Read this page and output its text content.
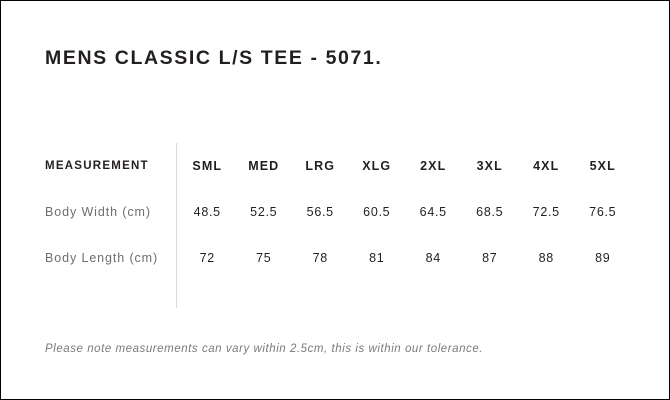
MENS CLASSIC L/S TEE - 5071.
MEASUREMENT	SML	MED	LRG	XLG	2XL	3XL	4XL	5XL
Body Width (cm)	48.5	52.5	56.5	60.5	64.5	68.5	72.5	76.5
Body Length (cm)	72	75	78	81	84	87	88	89
Please note measurements can vary within 2.5cm, this is within our tolerance.
